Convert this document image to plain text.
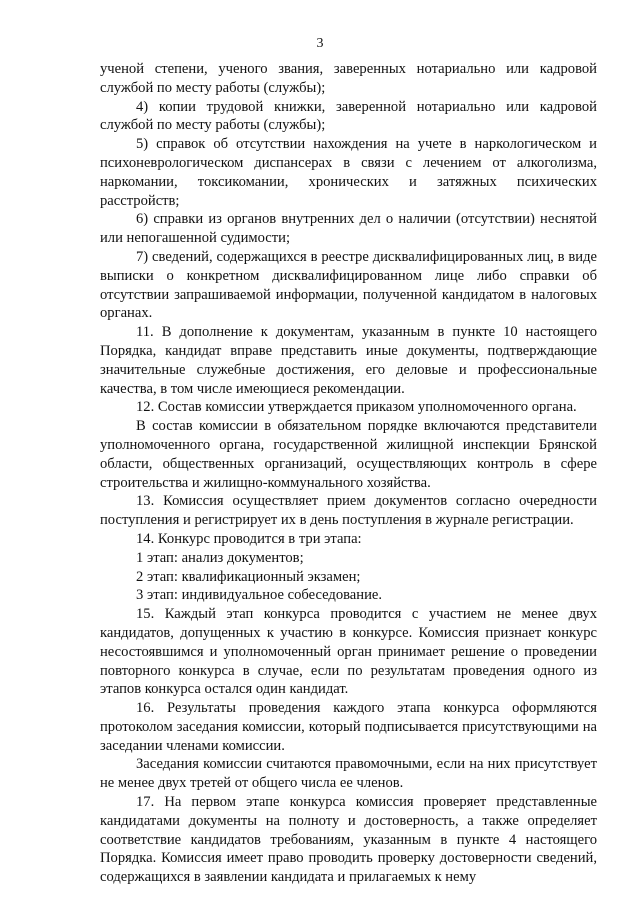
3

ученой степени, ученого звания, заверенных нотариально или кадровой службой по месту работы (службы);

4) копии трудовой книжки, заверенной нотариально или кадровой службой по месту работы (службы);

5) справок об отсутствии нахождения на учете в наркологическом и психоневрологическом диспансерах в связи с лечением от алкоголизма, наркомании, токсикомании, хронических и затяжных психических расстройств;

6) справки из органов внутренних дел о наличии (отсутствии) неснятой или непогашенной судимости;

7) сведений, содержащихся в реестре дисквалифицированных лиц, в виде выписки о конкретном дисквалифицированном лице либо справки об отсутствии запрашиваемой информации, полученной кандидатом в налоговых органах.

11. В дополнение к документам, указанным в пункте 10 настоящего Порядка, кандидат вправе представить иные документы, подтверждающие значительные служебные достижения, его деловые и профессиональные качества, в том числе имеющиеся рекомендации.

12. Состав комиссии утверждается приказом уполномоченного органа.

В состав комиссии в обязательном порядке включаются представители уполномоченного органа, государственной жилищной инспекции Брянской области, общественных организаций, осуществляющих контроль в сфере строительства и жилищно-коммунального хозяйства.

13. Комиссия осуществляет прием документов согласно очередности поступления и регистрирует их в день поступления в журнале регистрации.

14. Конкурс проводится в три этапа:

1 этап: анализ документов;

2 этап: квалификационный экзамен;

3 этап: индивидуальное собеседование.

15. Каждый этап конкурса проводится с участием не менее двух кандидатов, допущенных к участию в конкурсе. Комиссия признает конкурс несостоявшимся и уполномоченный орган принимает решение о проведении повторного конкурса в случае, если по результатам проведения одного из этапов конкурса остался один кандидат.

16. Результаты проведения каждого этапа конкурса оформляются протоколом заседания комиссии, который подписывается присутствующими на заседании членами комиссии.

Заседания комиссии считаются правомочными, если на них присутствует не менее двух третей от общего числа ее членов.

17. На первом этапе конкурса комиссия проверяет представленные кандидатами документы на полноту и достоверность, а также определяет соответствие кандидатов требованиям, указанным в пункте 4 настоящего Порядка. Комиссия имеет право проводить проверку достоверности сведений, содержащихся в заявлении кандидата и прилагаемых к нему
